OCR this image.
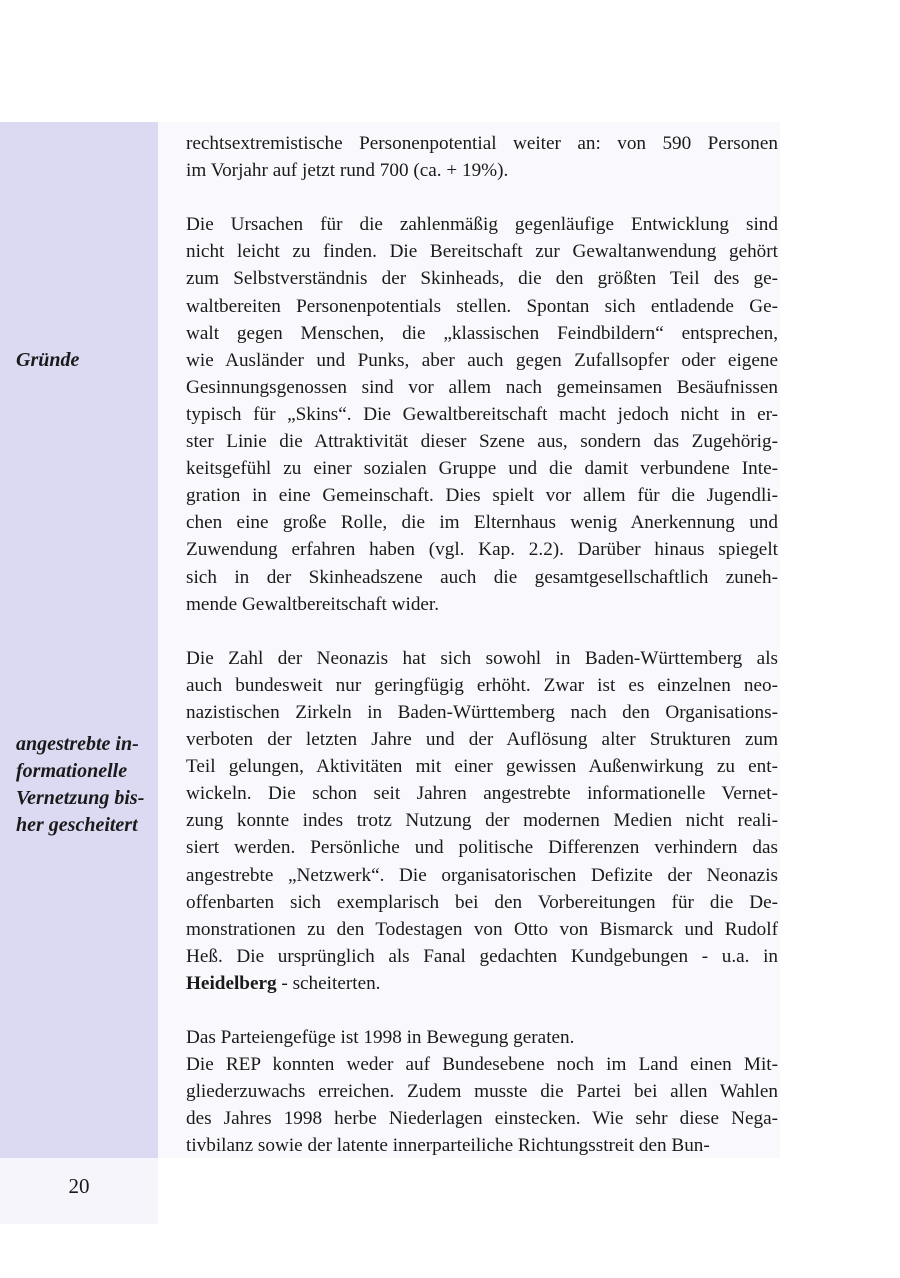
Gründe
angestrebte in-
formationelle
Vernetzung bis-
her gescheitert
rechtsextremistische Personenpotential weiter an: von 590 Personen
im Vorjahr auf jetzt rund 700 (ca. + 19%).
Die Ursachen für die zahlenmäßig gegenläufige Entwicklung sind
nicht leicht zu finden. Die Bereitschaft zur Gewaltanwendung gehört
zum Selbstverständnis der Skinheads, die den größten Teil des ge-
waltbereiten Personenpotentials stellen. Spontan sich entladende Ge-
walt gegen Menschen, die „klassischen Feindbildern“ entsprechen,
wie Ausländer und Punks, aber auch gegen Zufallsopfer oder eigene
Gesinnungsgenossen sind vor allem nach gemeinsamen Besäufnissen
typisch für „Skins“. Die Gewaltbereitschaft macht jedoch nicht in er-
ster Linie die Attraktivität dieser Szene aus, sondern das Zugehörig-
keitsgefühl zu einer sozialen Gruppe und die damit verbundene Inte-
gration in eine Gemeinschaft. Dies spielt vor allem für die Jugendli-
chen eine große Rolle, die im Elternhaus wenig Anerkennung und
Zuwendung erfahren haben (vgl. Kap. 2.2). Darüber hinaus spiegelt
sich in der Skinheadszene auch die gesamtgesellschaftlich zuneh-
mende Gewaltbereitschaft wider.
Die Zahl der Neonazis hat sich sowohl in Baden-Württemberg als
auch bundesweit nur geringfügig erhöht. Zwar ist es einzelnen neo-
nazistischen Zirkeln in Baden-Württemberg nach den Organisations-
verboten der letzten Jahre und der Auflösung alter Strukturen zum
Teil gelungen, Aktivitäten mit einer gewissen Außenwirkung zu ent-
wickeln. Die schon seit Jahren angestrebte informationelle Vernet-
zung konnte indes trotz Nutzung der modernen Medien nicht reali-
siert werden. Persönliche und politische Differenzen verhindern das
angestrebte „Netzwerk“. Die organisatorischen Defizite der Neonazis
offenbarten sich exemplarisch bei den Vorbereitungen für die De-
monstrationen zu den Todestagen von Otto von Bismarck und Rudolf
Heß. Die ursprünglich als Fanal gedachten Kundgebungen - u.a. in
Heidelberg - scheiterten.
Das Parteiengefüge ist 1998 in Bewegung geraten.
Die REP konnten weder auf Bundesebene noch im Land einen Mit-
gliederzuwachs erreichen. Zudem musste die Partei bei allen Wahlen
des Jahres 1998 herbe Niederlagen einstecken. Wie sehr diese Nega-
tivbilanz sowie der latente innerparteiliche Richtungsstreit den Bun-
20
